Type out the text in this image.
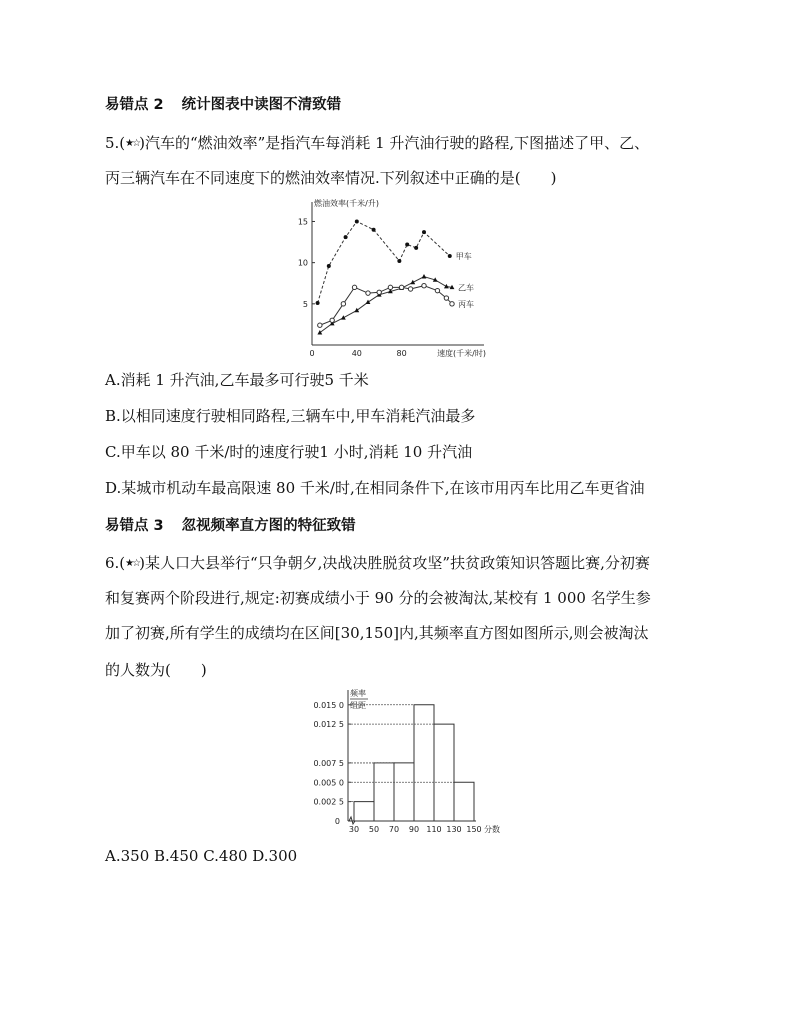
易错点 2 统计图表中读图不清致错
5.(★☆)汽车的“燃油效率”是指汽车每消耗 1 升汽油行驶的路程,下图描述了甲、乙、
丙三辆汽车在不同速度下的燃油效率情况.下列叙述中正确的是(　　)
燃油效率(千米/升)
速度(千米/时)
5
10
15
0	40	80
甲车
乙车
丙车
A.消耗 1 升汽油,乙车最多可行驶5 千米
B.以相同速度行驶相同路程,三辆车中,甲车消耗汽油最多
C.甲车以 80 千米/时的速度行驶1 小时,消耗 10 升汽油
D.某城市机动车最高限速 80 千米/时,在相同条件下,在该市用丙车比用乙车更省油
易错点 3 忽视频率直方图的特征致错
6.(★☆)某人口大县举行“只争朝夕,决战决胜脱贫攻坚”扶贫政策知识答题比赛,分初赛
和复赛两个阶段进行,规定:初赛成绩小于 90 分的会被淘汰,某校有 1 000 名学生参
加了初赛,所有学生的成绩均在区间[30,150]内,其频率直方图如图所示,则会被淘汰
的人数为(　　)
频率
组距
0
0.002 5
0.005 0
0.007 5
0.012 5
0.015 0
30 50 70 90 110 130 150 分数
A.350 B.450 C.480 D.300
